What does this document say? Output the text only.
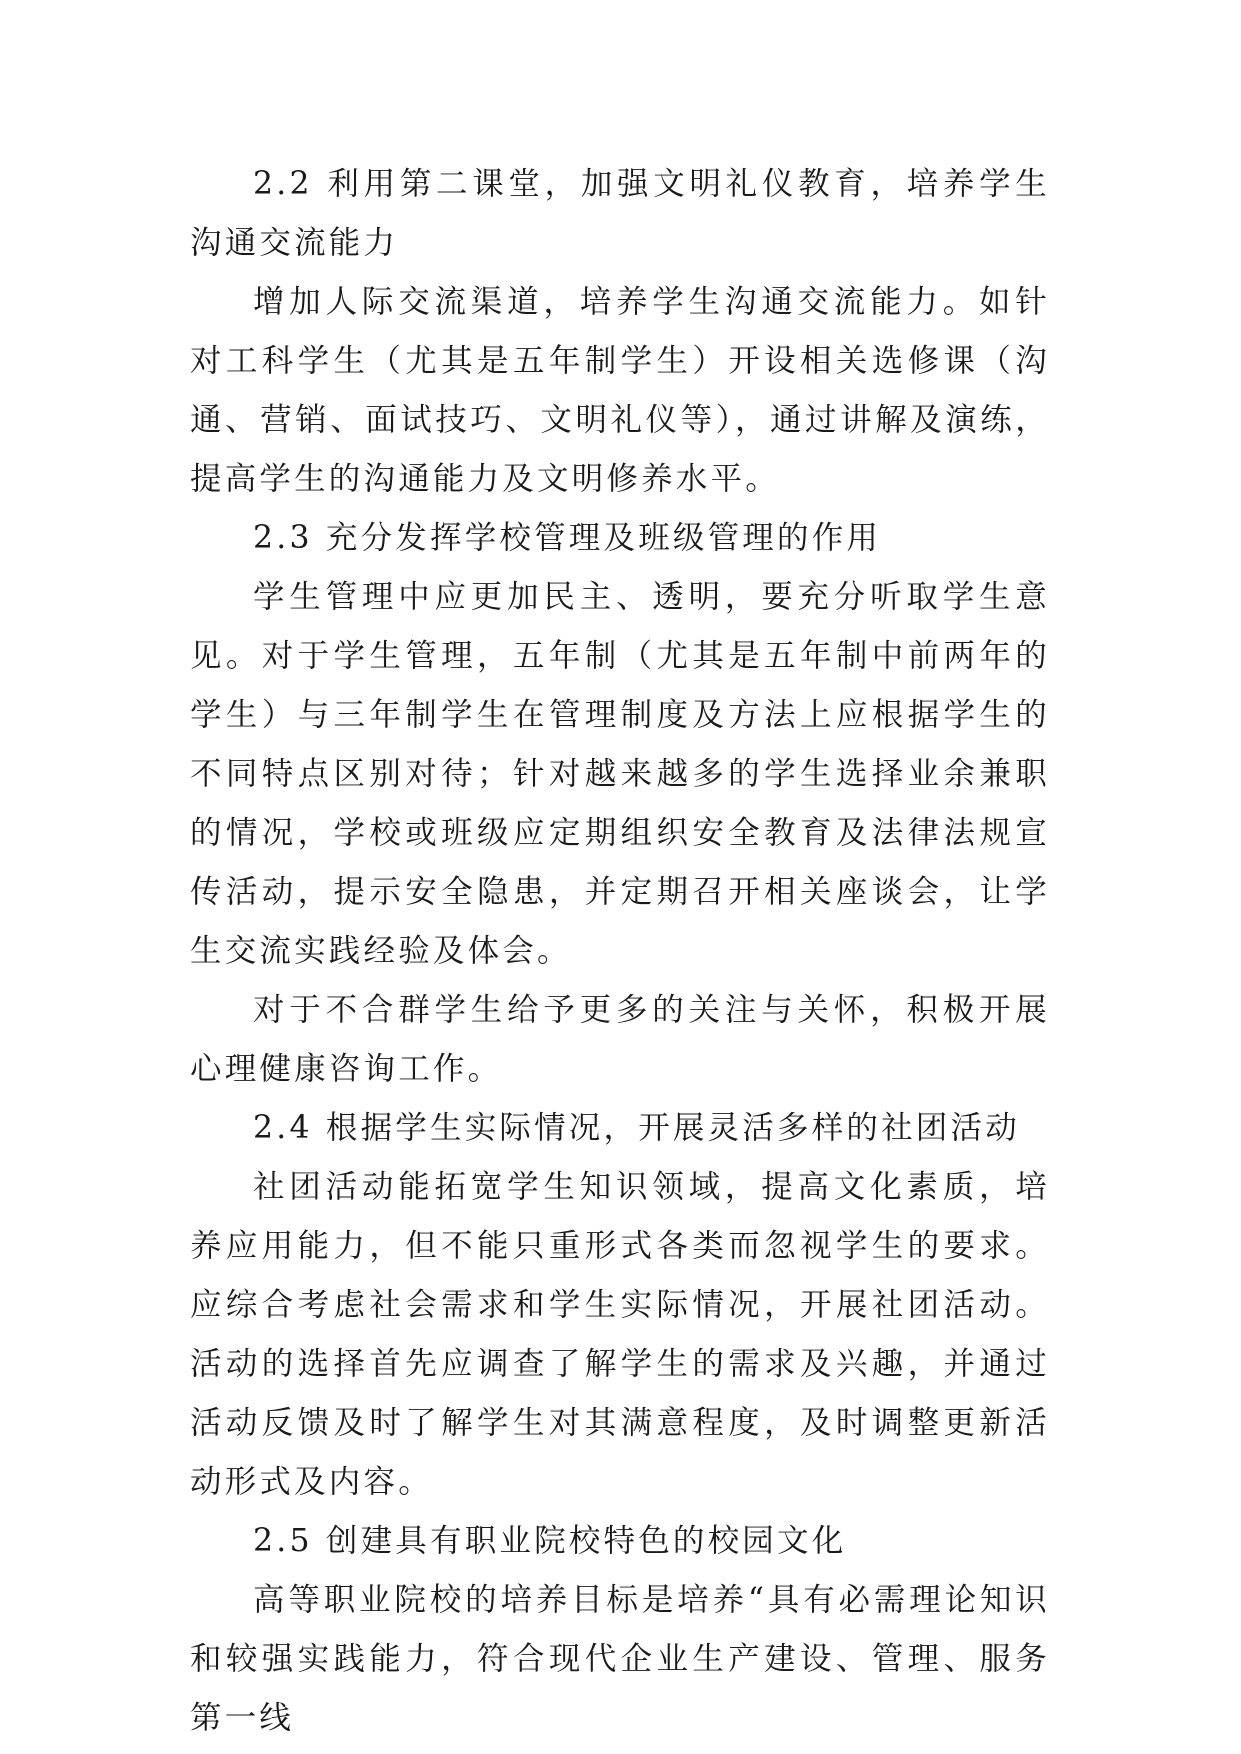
2.2 利用第二课堂，加强文明礼仪教育，培养学生沟通交流能力

增加人际交流渠道，培养学生沟通交流能力。如针对工科学生（尤其是五年制学生）开设相关选修课（沟通、营销、面试技巧、文明礼仪等），通过讲解及演练，提高学生的沟通能力及文明修养水平。

2.3 充分发挥学校管理及班级管理的作用

学生管理中应更加民主、透明，要充分听取学生意见。对于学生管理，五年制（尤其是五年制中前两年的学生）与三年制学生在管理制度及方法上应根据学生的不同特点区别对待；针对越来越多的学生选择业余兼职的情况，学校或班级应定期组织安全教育及法律法规宣传活动，提示安全隐患，并定期召开相关座谈会，让学生交流实践经验及体会。

对于不合群学生给予更多的关注与关怀，积极开展心理健康咨询工作。

2.4 根据学生实际情况，开展灵活多样的社团活动

社团活动能拓宽学生知识领域，提高文化素质，培养应用能力，但不能只重形式各类而忽视学生的要求。应综合考虑社会需求和学生实际情况，开展社团活动。活动的选择首先应调查了解学生的需求及兴趣，并通过活动反馈及时了解学生对其满意程度，及时调整更新活动形式及内容。

2.5 创建具有职业院校特色的校园文化

高等职业院校的培养目标是培养“具有必需理论知识和较强实践能力，符合现代企业生产建设、管理、服务第一线
